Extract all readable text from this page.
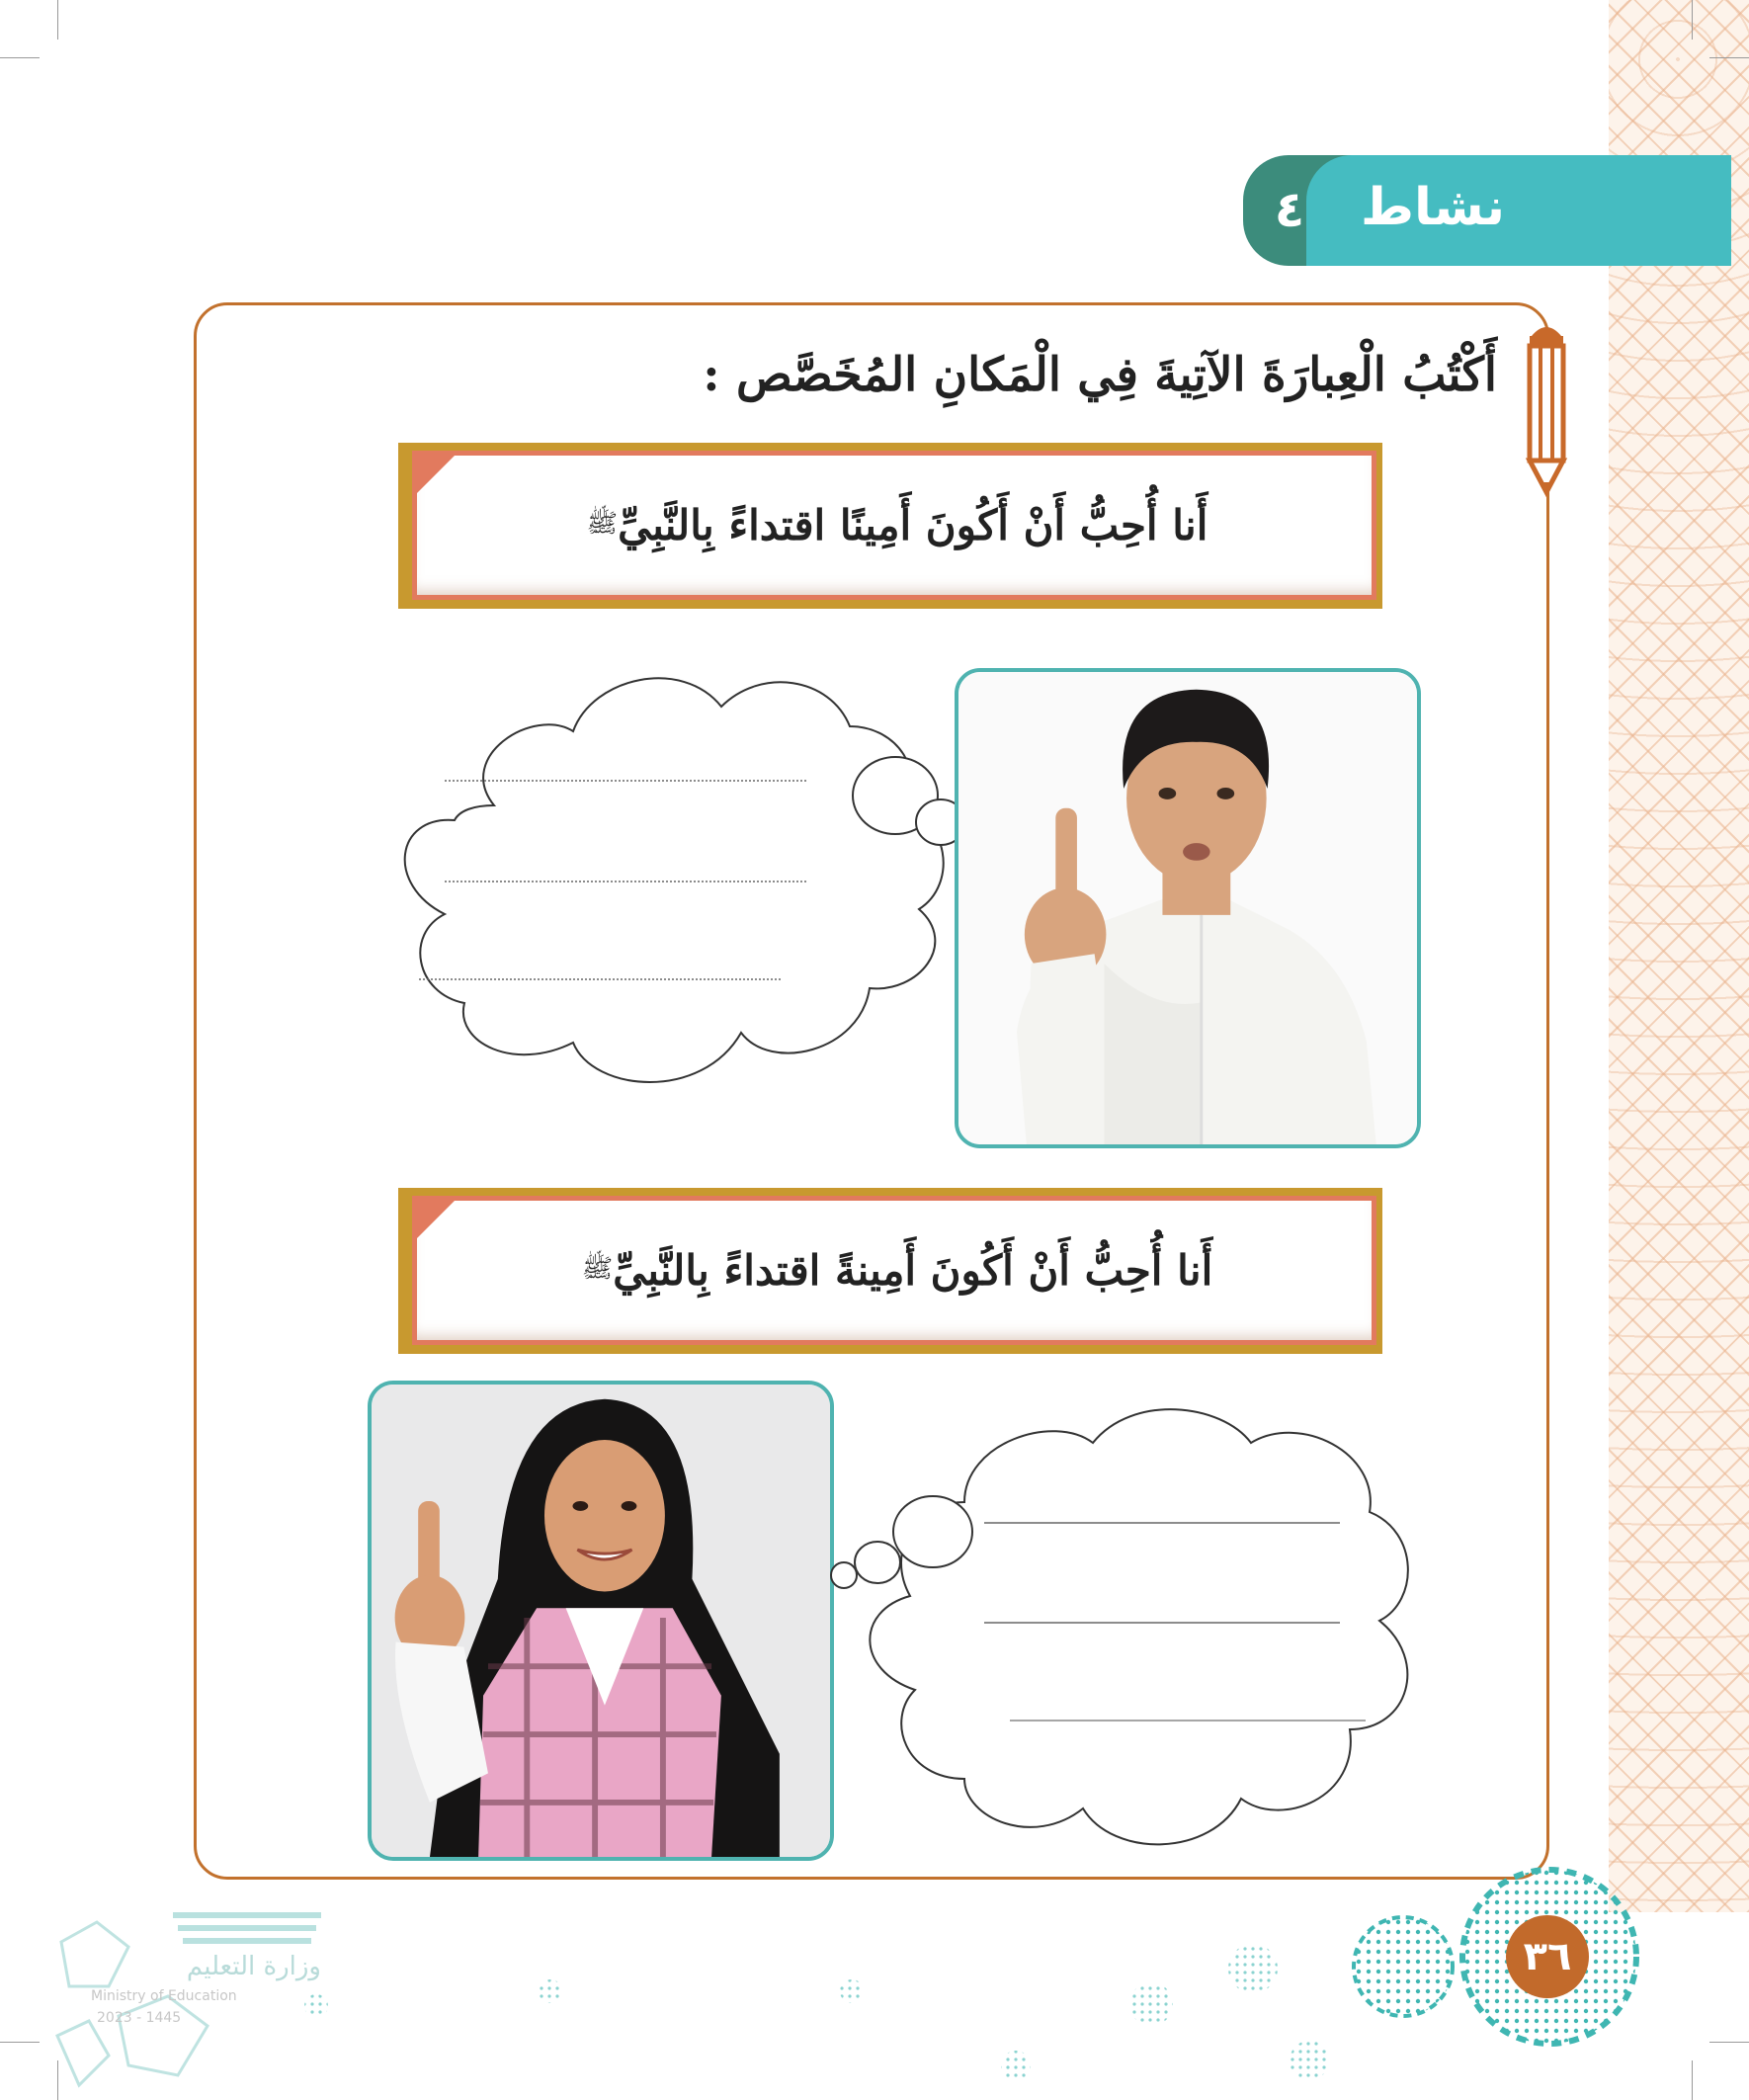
نشاط
٤
أَكْتُبُ الْعِبارَةَ الآتِيةَ فِي الْمَكانِ المُخَصَّص :
أَنا أُحِبُّ أَنْ أَكُونَ أَمِينًا اقتداءً بِالنَّبِيِّ
ﷺ
أَنا أُحِبُّ أَنْ أَكُونَ أَمِينةً اقتداءً بِالنَّبِيِّ
ﷺ
وزارة التعليم
Ministry of Education
2023 - 1445
٣٦
